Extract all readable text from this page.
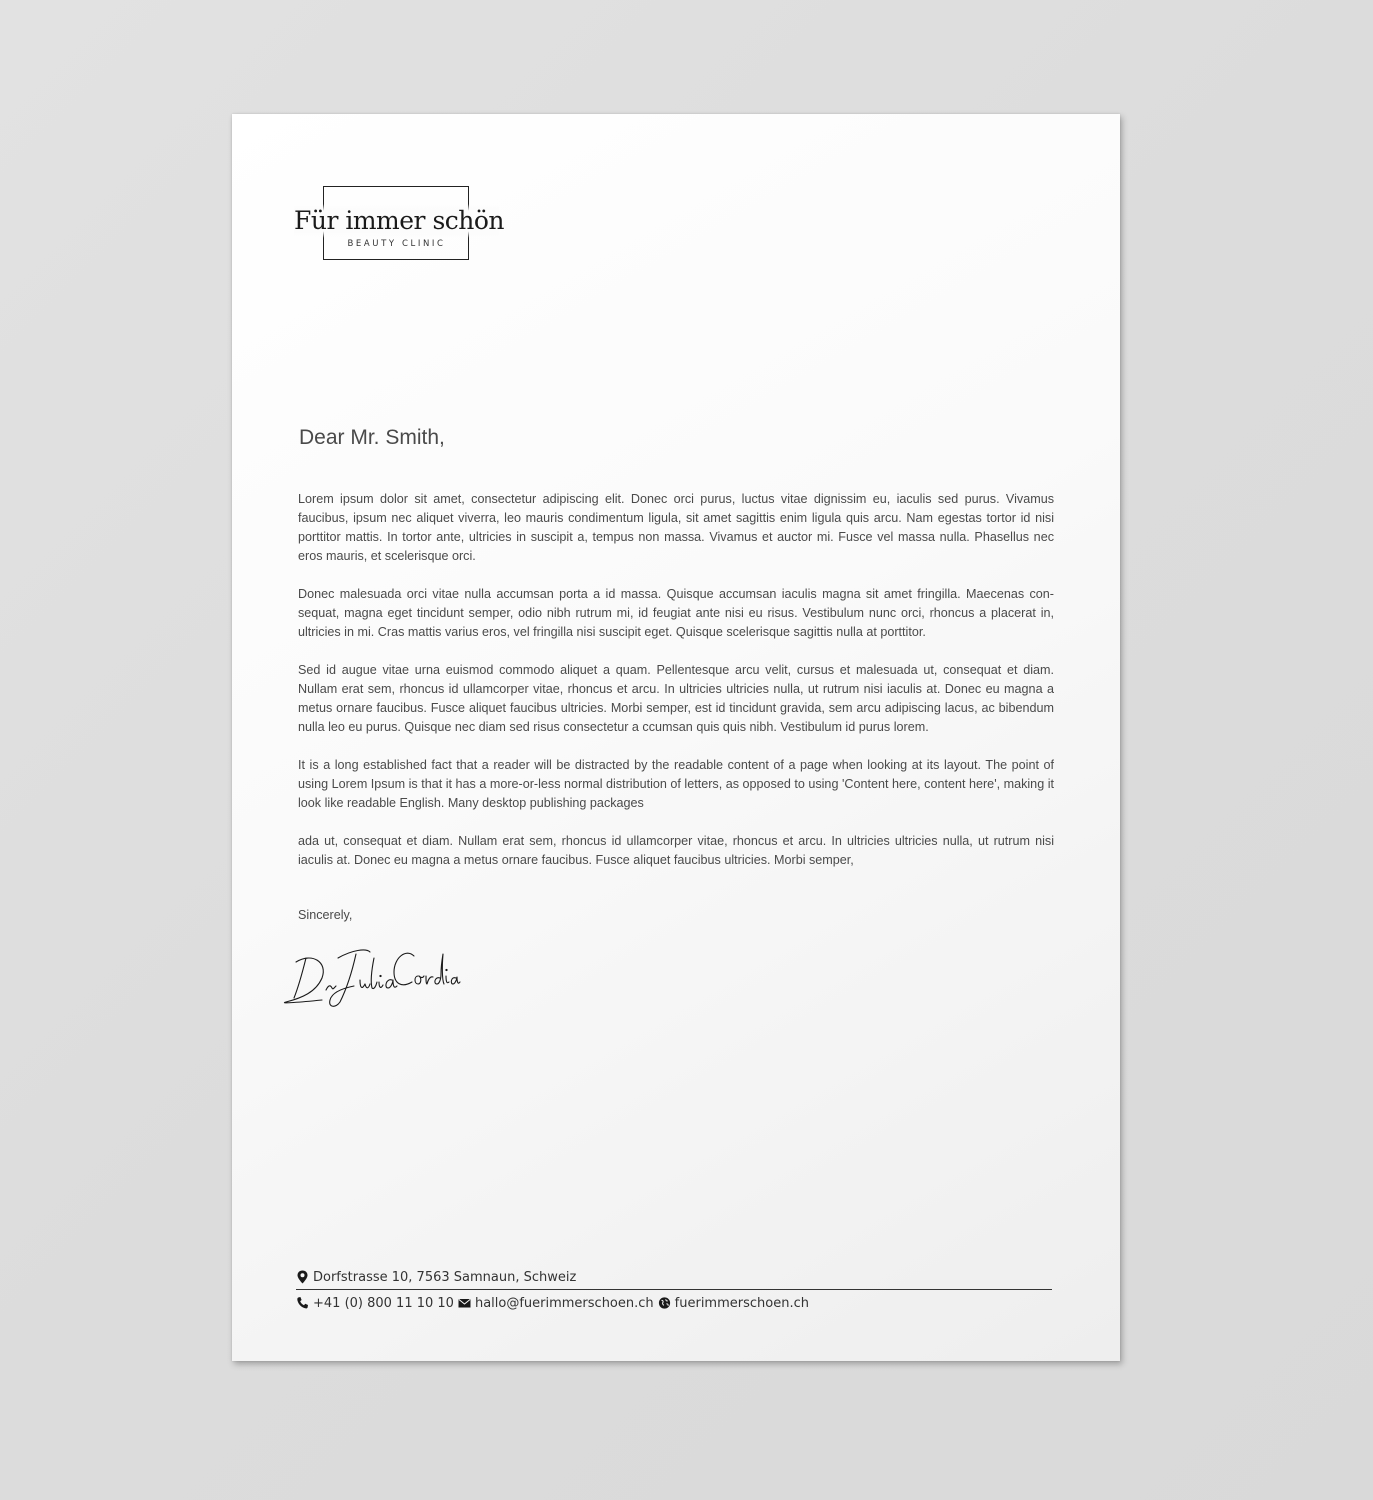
Für immer schön
BEAUTY CLINIC
Dear Mr. Smith,

Lorem ipsum dolor sit amet, consectetur adipiscing elit. Donec orci purus, luctus vitae dignissim eu, iaculis sed purus. Vivamus faucibus, ipsum nec aliquet viverra, leo mauris condimentum ligula, sit amet sagittis enim ligula quis arcu. Nam egestas tortor id nisi porttitor mattis. In tortor ante, ultricies in suscipit a, tempus non massa. Vivamus et auctor mi. Fusce vel massa nulla. Phasellus nec eros mauris, et scelerisque orci.

Donec malesuada orci vitae nulla accumsan porta a id massa. Quisque accumsan iaculis magna sit amet fringilla. Maecenas con-sequat, magna eget tincidunt semper, odio nibh rutrum mi, id feugiat ante nisi eu risus. Vestibulum nunc orci, rhoncus a placerat in, ultricies in mi. Cras mattis varius eros, vel fringilla nisi suscipit eget. Quisque scelerisque sagittis nulla at porttitor.

Sed id augue vitae urna euismod commodo aliquet a quam. Pellentesque arcu velit, cursus et malesuada ut, consequat et diam. Nullam erat sem, rhoncus id ullamcorper vitae, rhoncus et arcu. In ultricies ultricies nulla, ut rutrum nisi iaculis at. Donec eu magna a metus ornare faucibus. Fusce aliquet faucibus ultricies. Morbi semper, est id tincidunt gravida, sem arcu adipiscing lacus, ac bibendum nulla leo eu purus. Quisque nec diam sed risus consectetur a ccumsan quis quis nibh. Vestibulum id purus lorem.

It is a long established fact that a reader will be distracted by the readable content of a page when looking at its layout. The point of using Lorem Ipsum is that it has a more-or-less normal distribution of letters, as opposed to using 'Content here, content here', making it look like readable English. Many desktop publishing packages

ada ut, consequat et diam. Nullam erat sem, rhoncus id ullamcorper vitae, rhoncus et arcu. In ultricies ultricies nulla, ut rutrum nisi iaculis at. Donec eu magna a metus ornare faucibus. Fusce aliquet faucibus ultricies. Morbi semper,

Sincerely,
Dorfstrasse 10, 7563 Samnaun, Schweiz
+41 (0) 800 11 10 10 hallo@fuerimmerschoen.ch fuerimmerschoen.ch
